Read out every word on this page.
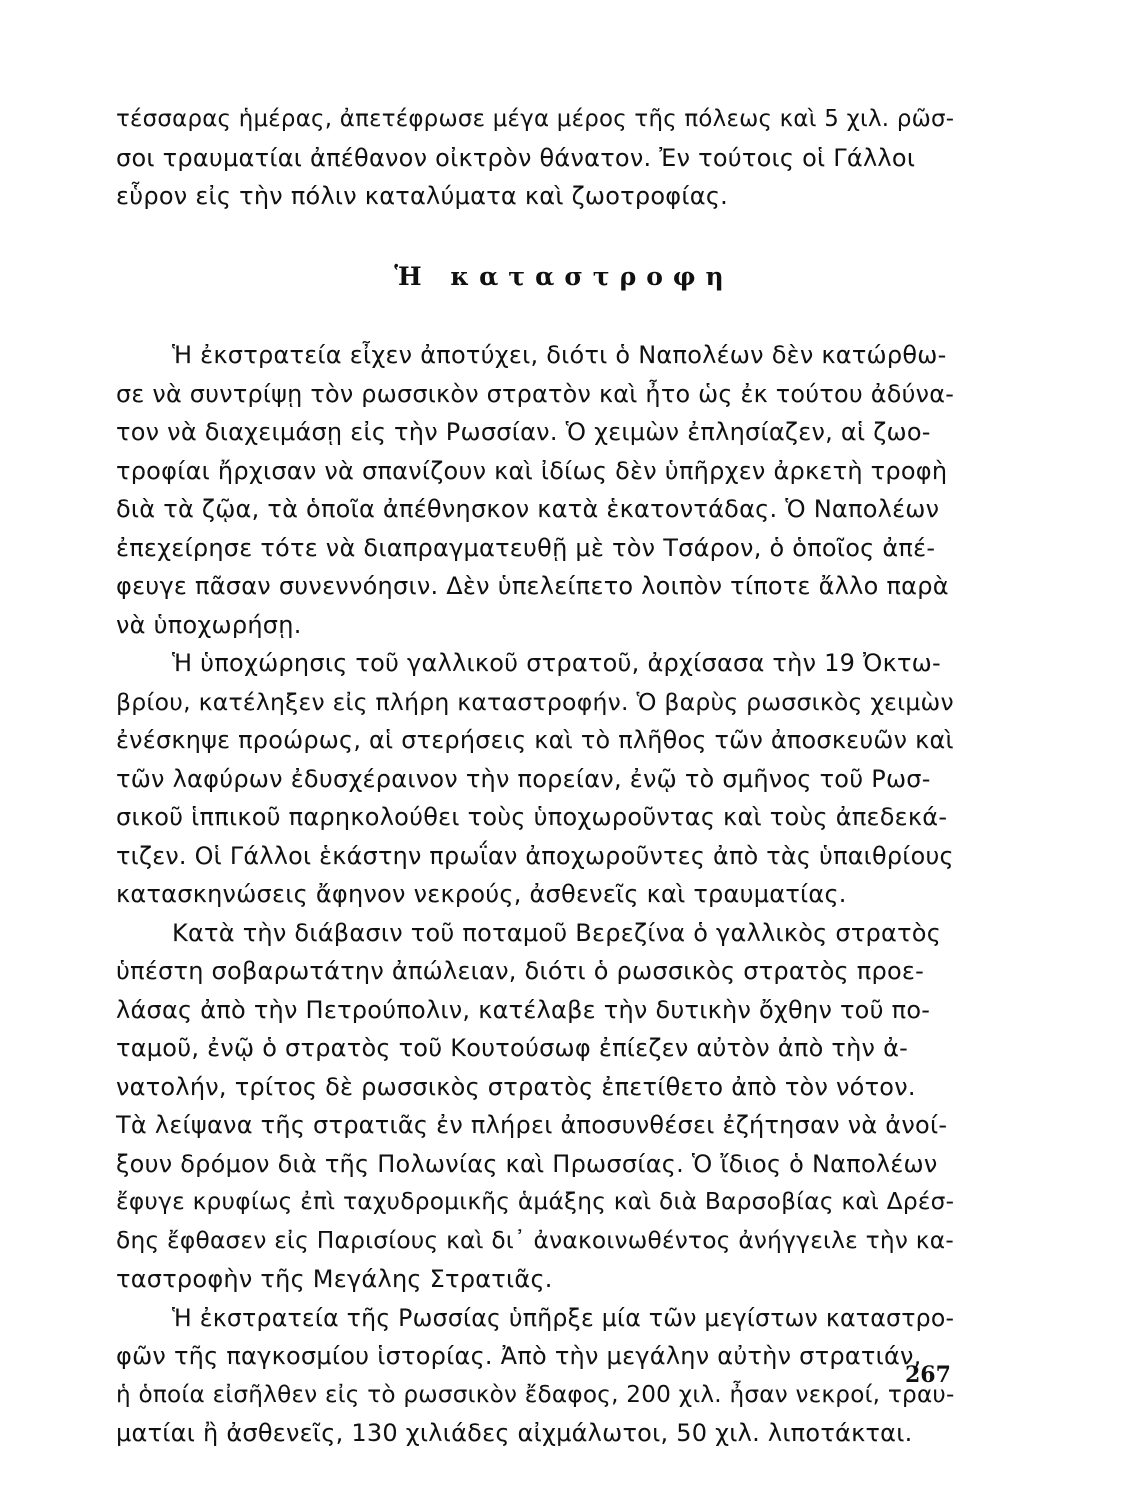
τέσσαρας ἡμέρας, ἀπετέφρωσε μέγα μέρος τῆς πόλεως καὶ 5 χιλ. ρῶσ-
σοι τραυματίαι ἀπέθανον οἰκτρὸν θάνατον. Ἐν τούτοις οἱ Γάλλοι
εὗρον εἰς τὴν πόλιν καταλύματα καὶ ζωοτροφίας.
Ἡ καταστροφη
Ἡ ἐκστρατεία εἶχεν ἀποτύχει, διότι ὁ Ναπολέων δὲν κατώρθω-
σε νὰ συντρίψῃ τὸν ρωσσικὸν στρατὸν καὶ ἦτο ὡς ἐκ τούτου ἀδύνα-
τον νὰ διαχειμάσῃ εἰς τὴν Ρωσσίαν. Ὁ χειμὼν ἐπλησίαζεν, αἱ ζωο-
τροφίαι ἤρχισαν νὰ σπανίζουν καὶ ἰδίως δὲν ὑπῆρχεν ἀρκετὴ τροφὴ
διὰ τὰ ζῷα, τὰ ὁποῖα ἀπέθνησκον κατὰ ἑκατοντάδας. Ὁ Ναπολέων
ἐπεχείρησε τότε νὰ διαπραγματευθῇ μὲ τὸν Τσάρον, ὁ ὁποῖος ἀπέ-
φευγε πᾶσαν συνεννόησιν. Δὲν ὑπελείπετο λοιπὸν τίποτε ἄλλο παρὰ
νὰ ὑποχωρήσῃ.
Ἡ ὑποχώρησις τοῦ γαλλικοῦ στρατοῦ, ἀρχίσασα τὴν 19 Ὀκτω-
βρίου, κατέληξεν εἰς πλήρη καταστροφήν. Ὁ βαρὺς ρωσσικὸς χειμὼν
ἐνέσκηψε προώρως, αἱ στερήσεις καὶ τὸ πλῆθος τῶν ἀποσκευῶν καὶ
τῶν λαφύρων ἐδυσχέραινον τὴν πορείαν, ἐνῷ τὸ σμῆνος τοῦ Ρωσ-
σικοῦ ἱππικοῦ παρηκολούθει τοὺς ὑποχωροῦντας καὶ τοὺς ἀπεδεκά-
τιζεν. Οἱ Γάλλοι ἑκάστην πρωΐαν ἀποχωροῦντες ἀπὸ τὰς ὑπαιθρίους
κατασκηνώσεις ἄφηνον νεκρούς, ἀσθενεῖς καὶ τραυματίας.
Κατὰ τὴν διάβασιν τοῦ ποταμοῦ Βερεζίνα ὁ γαλλικὸς στρατὸς
ὑπέστη σοβαρωτάτην ἀπώλειαν, διότι ὁ ρωσσικὸς στρατὸς προε-
λάσας ἀπὸ τὴν Πετρούπολιν, κατέλαβε τὴν δυτικὴν ὄχθην τοῦ πο-
ταμοῦ, ἐνῷ ὁ στρατὸς τοῦ Κουτούσωφ ἐπίεζεν αὐτὸν ἀπὸ τὴν ἀ-
νατολήν, τρίτος δὲ ρωσσικὸς στρατὸς ἐπετίθετο ἀπὸ τὸν νότον.
Τὰ λείψανα τῆς στρατιᾶς ἐν πλήρει ἀποσυνθέσει ἐζήτησαν νὰ ἀνοί-
ξουν δρόμον διὰ τῆς Πολωνίας καὶ Πρωσσίας. Ὁ ἴδιος ὁ Ναπολέων
ἔφυγε κρυφίως ἐπὶ ταχυδρομικῆς ἁμάξης καὶ διὰ Βαρσοβίας καὶ Δρέσ-
δης ἔφθασεν εἰς Παρισίους καὶ δι᾽ ἀνακοινωθέντος ἀνήγγειλε τὴν κα-
ταστροφὴν τῆς Μεγάλης Στρατιᾶς.
Ἡ ἐκστρατεία τῆς Ρωσσίας ὑπῆρξε μία τῶν μεγίστων καταστρο-
φῶν τῆς παγκοσμίου ἱστορίας. Ἀπὸ τὴν μεγάλην αὐτὴν στρατιάν,
ἡ ὁποία εἰσῆλθεν εἰς τὸ ρωσσικὸν ἔδαφος, 200 χιλ. ἦσαν νεκροί, τραυ-
ματίαι ἢ ἀσθενεῖς, 130 χιλιάδες αἰχμάλωτοι, 50 χιλ. λιποτάκται.
267
